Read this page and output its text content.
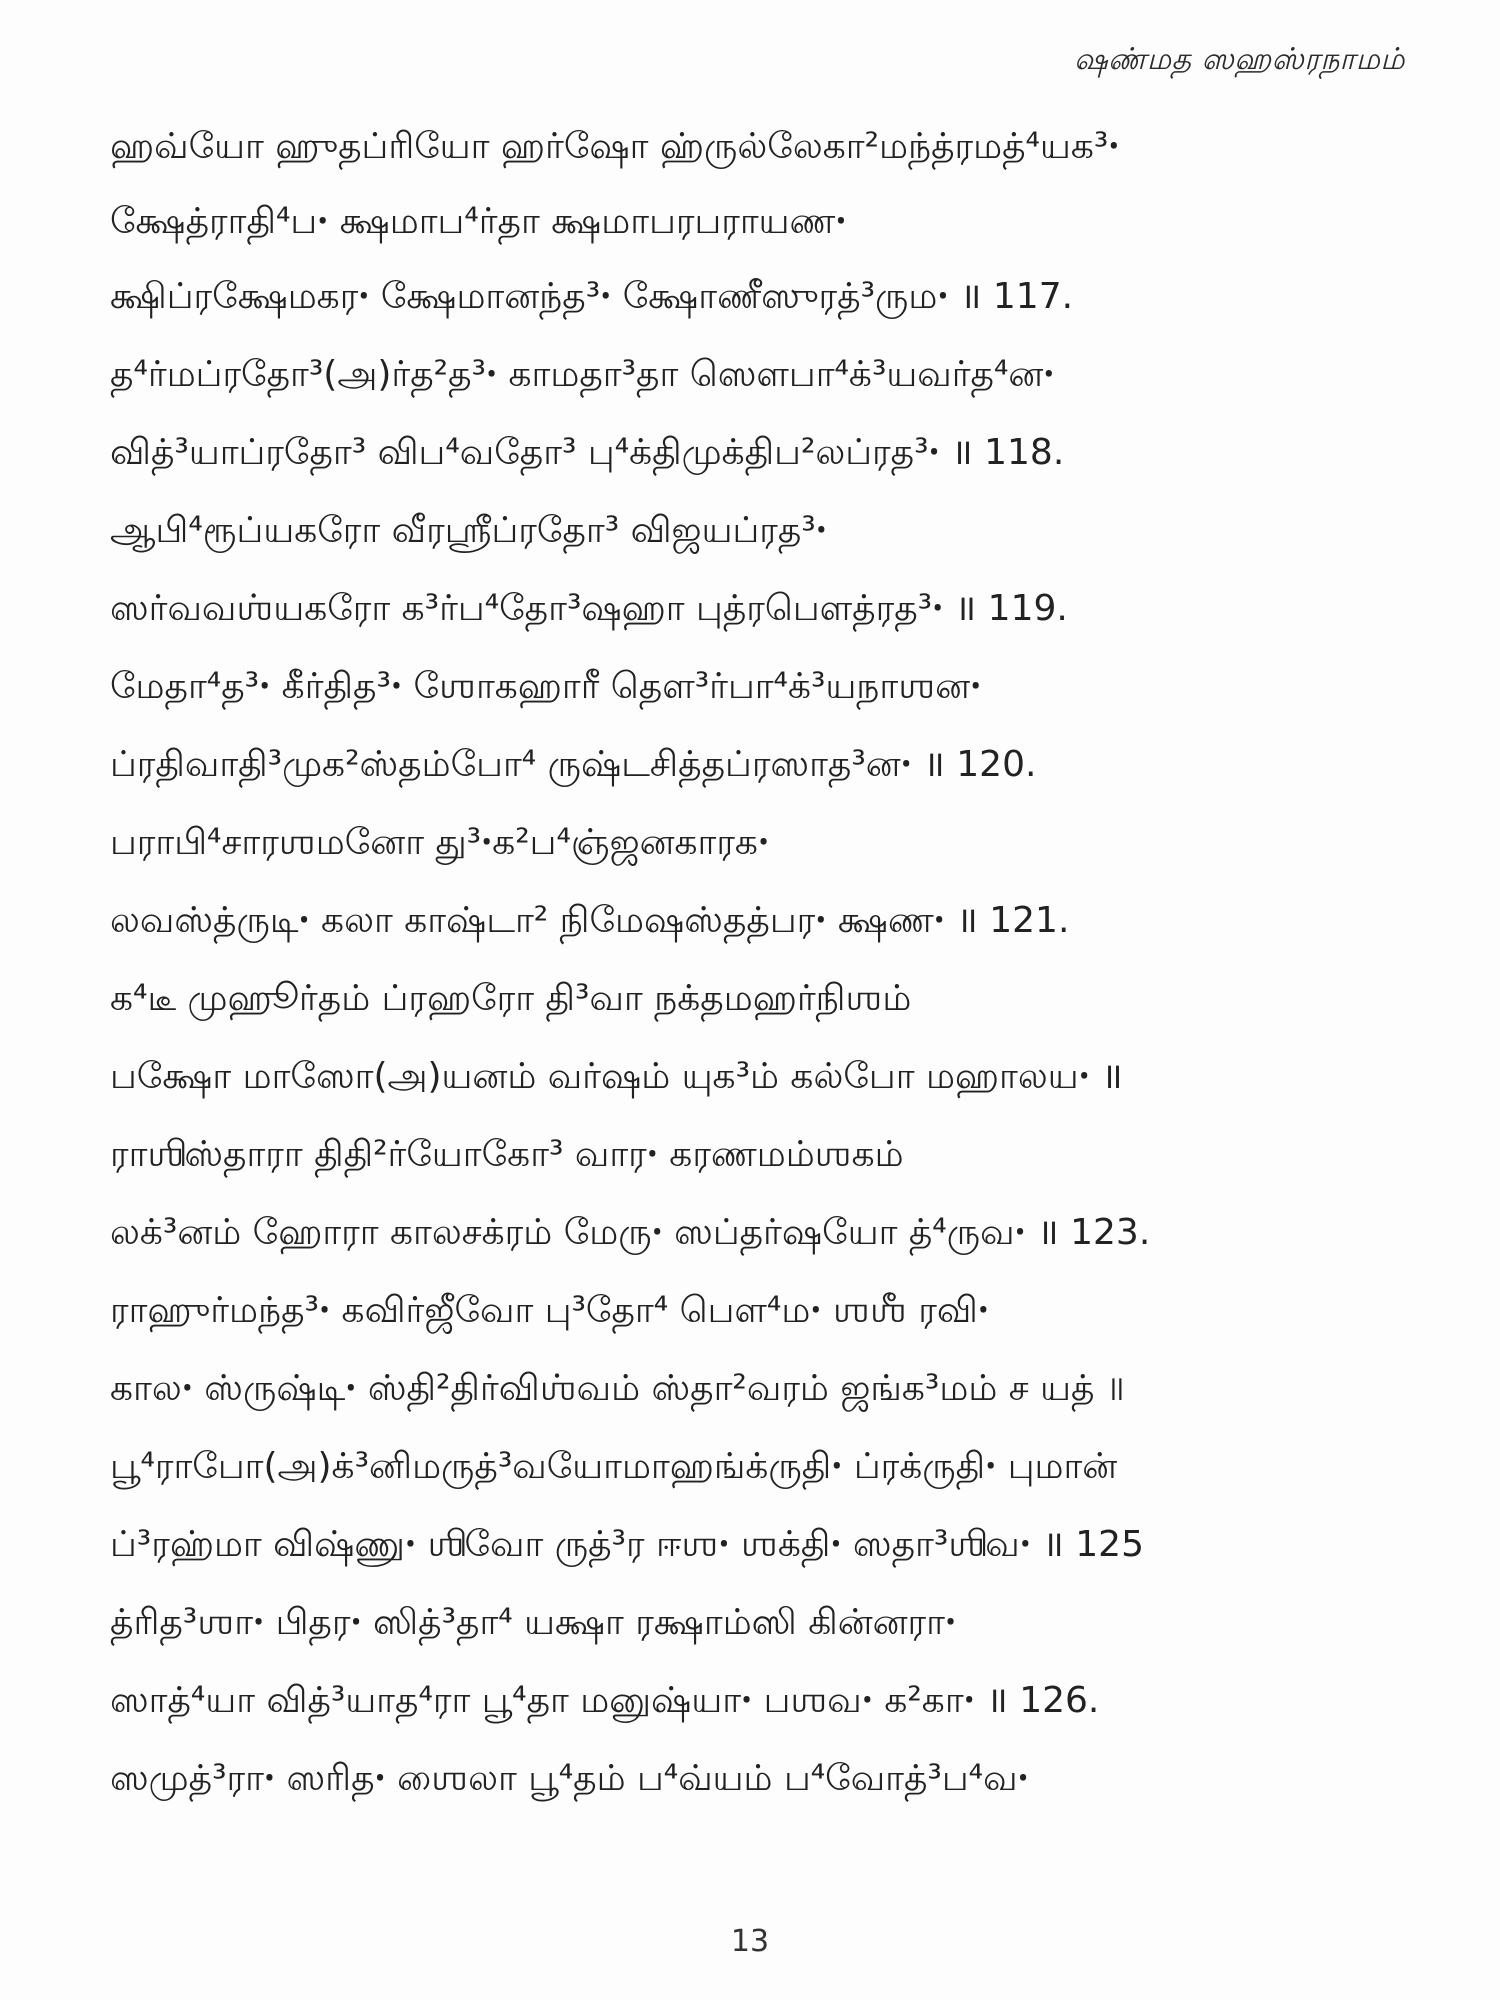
ஷண்மத ஸஹஸ்ரநாமம்
ஹவ்யோ ஹுதப்ரியோ ஹர்ஷோ ஹ்ருல்லேகா²மந்த்ரமத்⁴யக³ꞏ
க்ஷேத்ராதி⁴பꞏ க்ஷமாப⁴ர்தா க்ஷமாபரபராயணꞏ
க்ஷிப்ரக்ஷேமகரꞏ க்ஷேமானந்த³ꞏ க்ஷோணீஸுரத்³ருமꞏ ॥ 117.
த⁴ர்மப்ரதோ³(அ)ர்த²த³ꞏ காமதா³தா ஸௌபா⁴க்³யவர்த⁴னꞏ
வித்³யாப்ரதோ³ விப⁴வதோ³ பு⁴க்திமுக்திப²லப்ரத³ꞏ ॥ 118.
ஆபி⁴ரூப்யகரோ வீரஸ்ரீப்ரதோ³ விஜயப்ரத³ꞏ
ஸர்வவஶ்யகரோ க³ர்ப⁴தோ³ஷஹா புத்ரபௌத்ரத³ꞏ ॥ 119.
மேதா⁴த³ꞏ கீர்தித³ꞏ ஶோகஹாரீ தௌ³ர்பா⁴க்³யநாஶனꞏ
ப்ரதிவாதி³முக²ஸ்தம்போ⁴ ருஷ்டசித்தப்ரஸாத³னꞏ ॥ 120.
பராபி⁴சாரஶமனோ து³ꞏக²ப⁴ஞ்ஜனகாரகꞏ
லவஸ்த்ருடிꞏ கலா காஷ்டா² நிமேஷஸ்தத்பரꞏ க்ஷணꞏ ॥ 121.
க⁴டீ முஹூர்தம் ப்ரஹரோ தி³வா நக்தமஹர்நிஶம்
பக்ஷோ மாஸோ(அ)யனம் வர்ஷம் யுக³ம் கல்போ மஹாலயꞏ ॥
ராஶிஸ்தாரா திதி²ர்யோகோ³ வாரꞏ கரணமம்ஶகம்
லக்³னம் ஹோரா காலசக்ரம் மேருꞏ ஸப்தர்ஷயோ த்⁴ருவꞏ ॥ 123.
ராஹுர்மந்த³ꞏ கவிர்ஜீவோ பு³தோ⁴ பௌ⁴மꞏ ஶஶீ ரவிꞏ
காலꞏ ஸ்ருஷ்டிꞏ ஸ்தி²திர்விஶ்வம் ஸ்தா²வரம் ஜங்க³மம் ச யத் ॥
பூ⁴ராபோ(அ)க்³னிமருத்³வயோமாஹங்க்ருதிꞏ ப்ரக்ருதிꞏ புமான்
ப்³ரஹ்மா விஷ்ணுꞏ ஶிவோ ருத்³ர ஈஶꞏ ஶக்திꞏ ஸதா³ஶிவꞏ ॥ 125
த்ரித³ஶாꞏ பிதரꞏ ஸித்³தா⁴ யக்ஷா ரக்ஷாம்ஸி கின்னராꞏ
ஸாத்⁴யா வித்³யாத⁴ரா பூ⁴தா மனுஷ்யாꞏ பஶவꞏ க²காꞏ ॥ 126.
ஸமுத்³ராꞏ ஸரிதꞏ ஶைலா பூ⁴தம் ப⁴வ்யம் ப⁴வோத்³ப⁴வꞏ
13
